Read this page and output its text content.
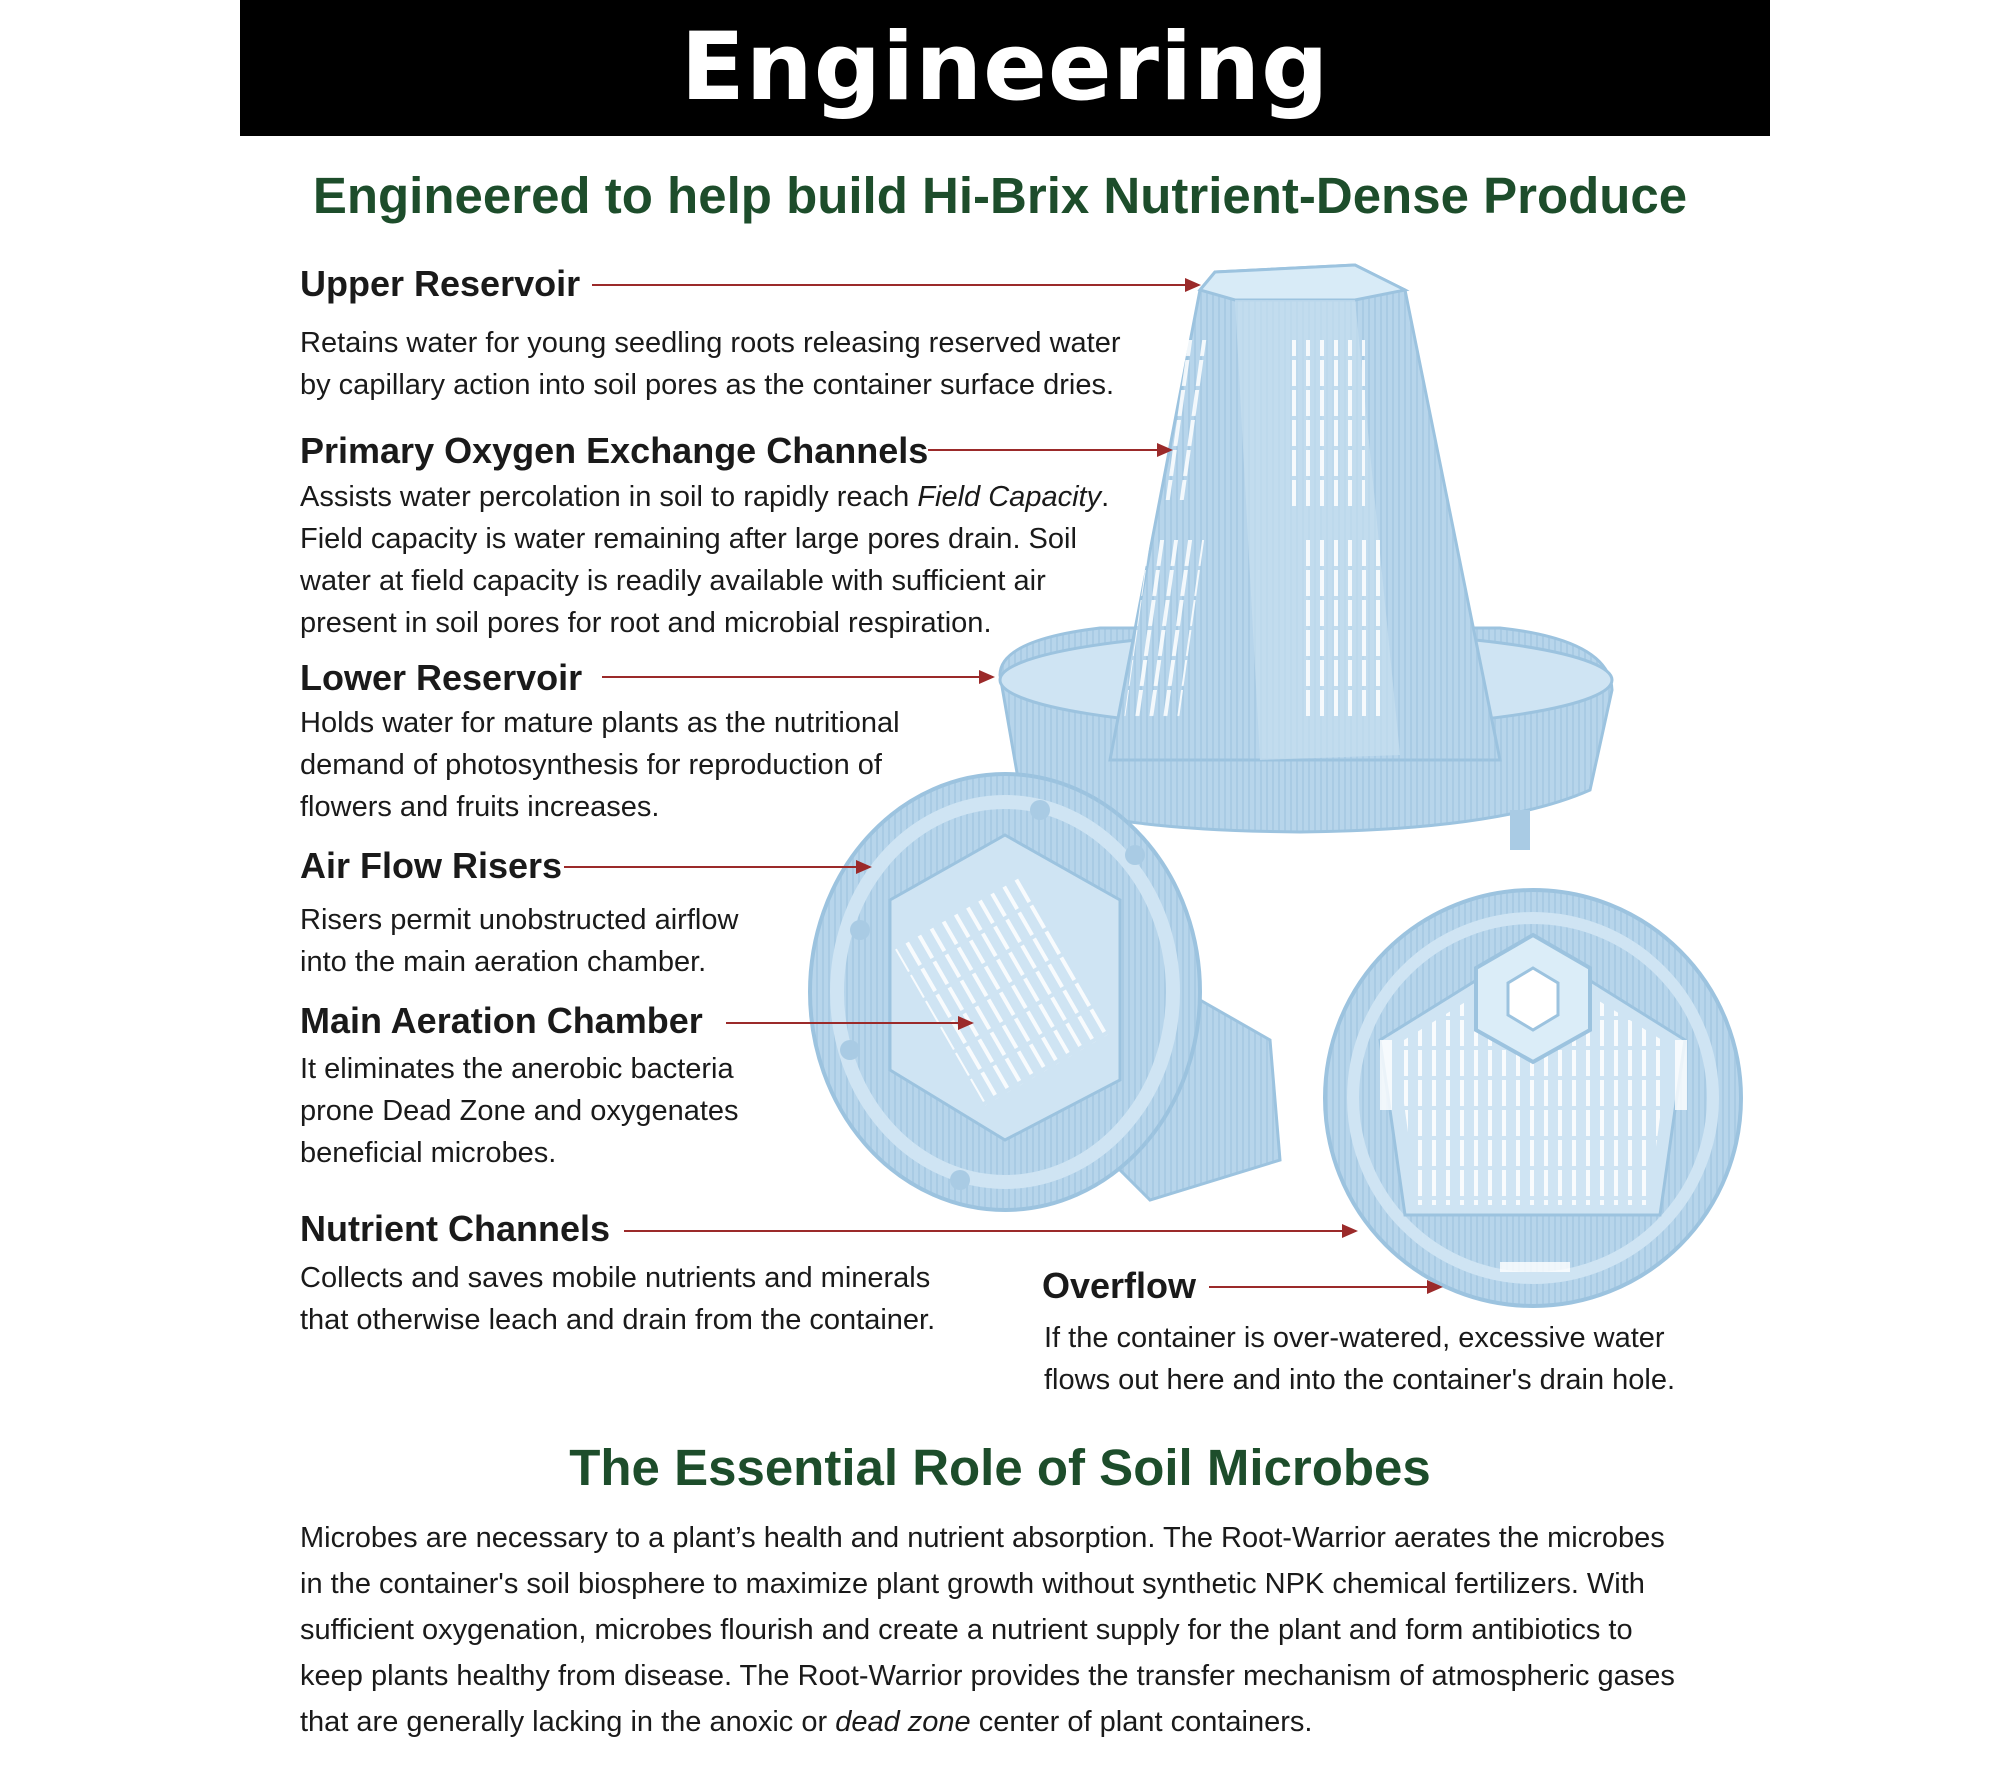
Engineering
Engineered to help build Hi-Brix Nutrient-Dense Produce
Upper Reservoir
Retains water for young seedling roots releasing reserved water
by capillary action into soil pores as the container surface dries.
Primary Oxygen Exchange Channels
Assists water percolation in soil to rapidly reach Field Capacity.
Field capacity is water remaining after large pores drain. Soil
water at field capacity is readily available with sufficient air
present in soil pores for root and microbial respiration.
Lower Reservoir
Holds water for mature plants as the nutritional
demand of photosynthesis for reproduction of
flowers and fruits increases.
Air Flow Risers
Risers permit unobstructed airflow
into the main aeration chamber.
Main Aeration Chamber
It eliminates the anerobic bacteria
prone Dead Zone and oxygenates
beneficial microbes.
Nutrient Channels
Collects and saves mobile nutrients and minerals
that otherwise leach and drain from the container.
Overflow
If the container is over-watered, excessive water
flows out here and into the container's drain hole.
The Essential Role of Soil Microbes
Microbes are necessary to a plant’s health and nutrient absorption. The Root-Warrior aerates the microbes
in the container's soil biosphere to maximize plant growth without synthetic NPK chemical fertilizers. With
sufficient oxygenation, microbes flourish and create a nutrient supply for the plant and form antibiotics to
keep plants healthy from disease. The Root-Warrior provides the transfer mechanism of atmospheric gases
that are generally lacking in the anoxic or dead zone center of plant containers.
